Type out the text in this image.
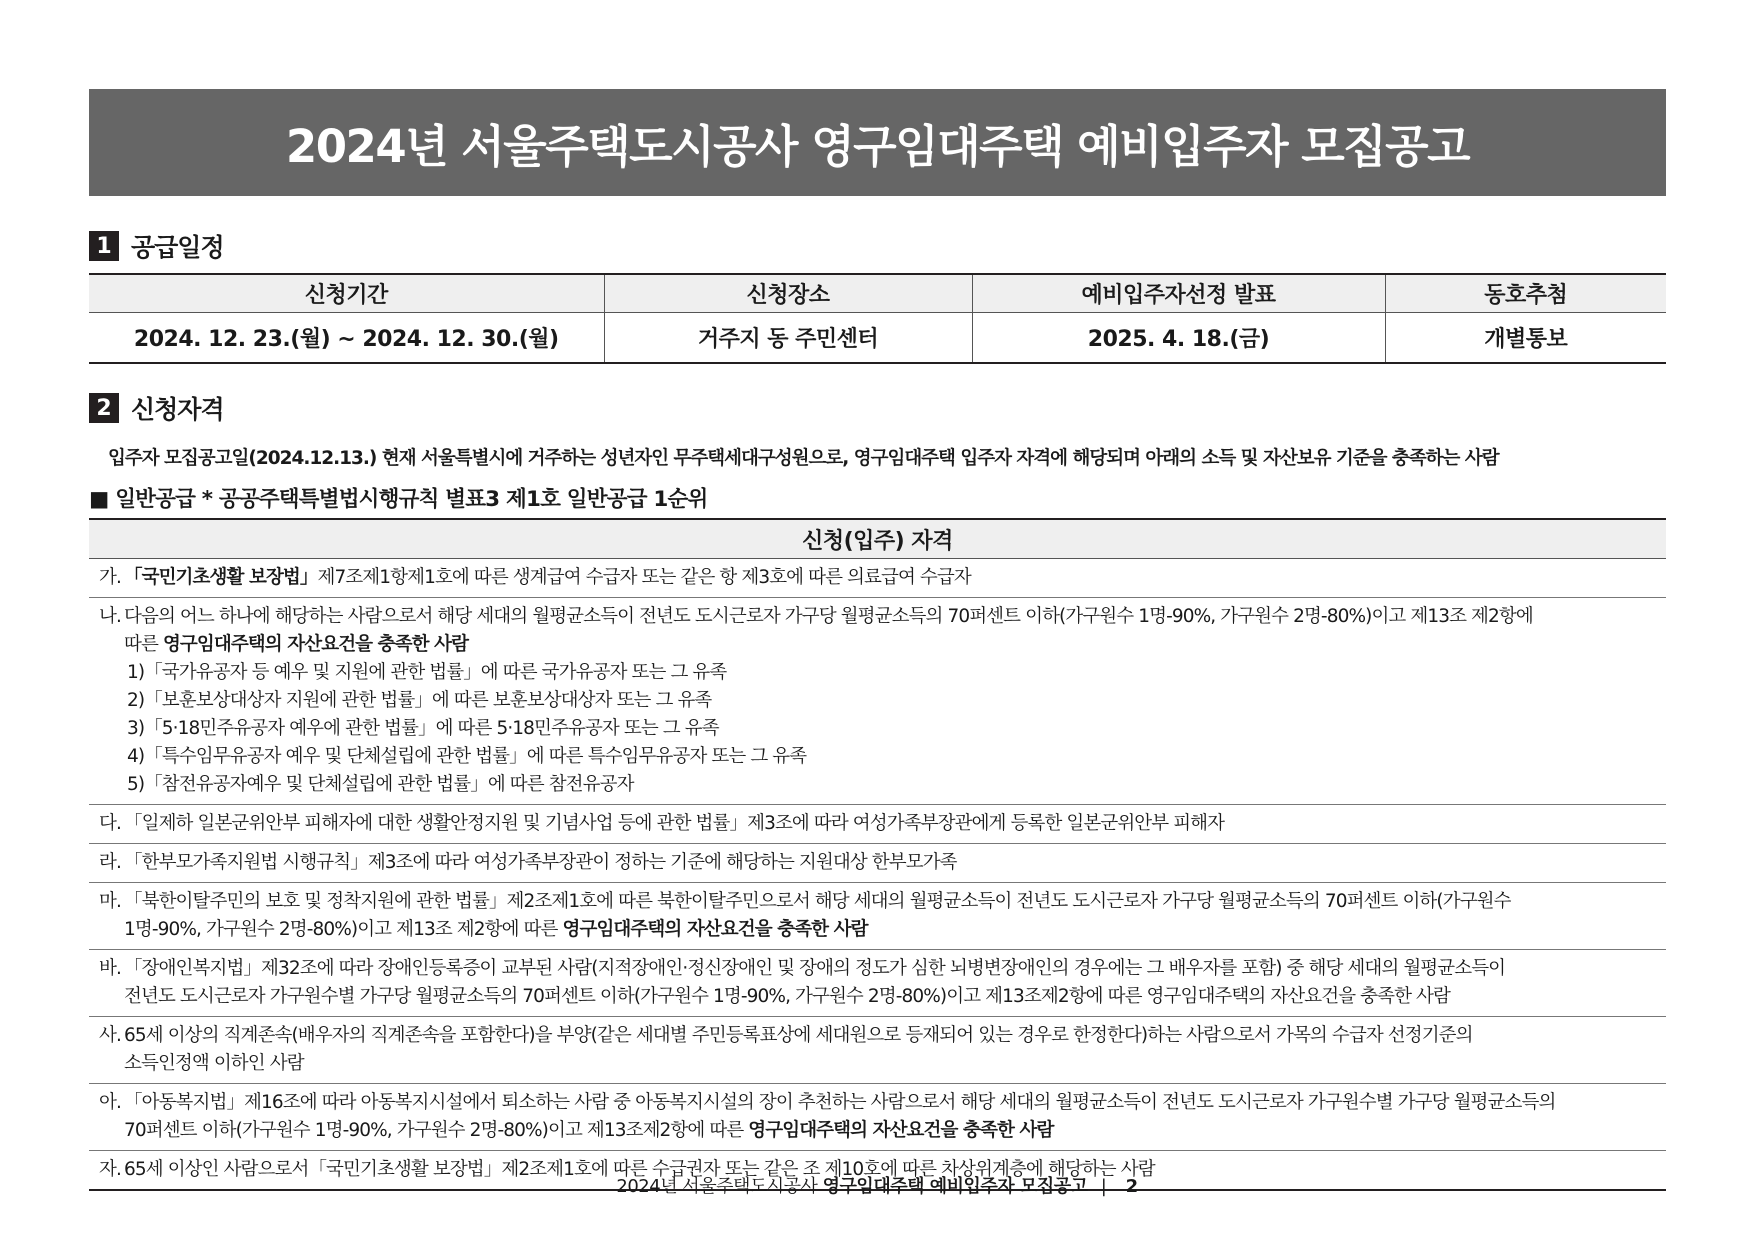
2024년 서울주택도시공사 영구임대주택 예비입주자 모집공고
1 공급일정
신청기간	신청장소	예비입주자선정 발표	동호추첨
2024. 12. 23.(월) ~ 2024. 12. 30.(월)	거주지 동 주민센터	2025. 4. 18.(금)	개별통보
2 신청자격
입주자 모집공고일(2024.12.13.) 현재 서울특별시에 거주하는 성년자인 무주택세대구성원으로, 영구임대주택 입주자 자격에 해당되며 아래의 소득 및 자산보유 기준을 충족하는 사람
■ 일반공급 * 공공주택특별법시행규칙 별표3 제1호 일반공급 1순위
신청(입주) 자격

가. 「국민기초생활 보장법」제7조제1항제1호에 따른 생계급여 수급자 또는 같은 항 제3호에 따른 의료급여 수급자

나. 다음의 어느 하나에 해당하는 사람으로서 해당 세대의 월평균소득이 전년도 도시근로자 가구당 월평균소득의 70퍼센트 이하(가구원수 1명-90%, 가구원수 2명-80%)이고 제13조 제2항에
따른 영구임대주택의 자산요건을 충족한 사람
1)「국가유공자 등 예우 및 지원에 관한 법률」에 따른 국가유공자 또는 그 유족
2)「보훈보상대상자 지원에 관한 법률」에 따른 보훈보상대상자 또는 그 유족
3)「5·18민주유공자 예우에 관한 법률」에 따른 5·18민주유공자 또는 그 유족
4)「특수임무유공자 예우 및 단체설립에 관한 법률」에 따른 특수임무유공자 또는 그 유족
5)「참전유공자예우 및 단체설립에 관한 법률」에 따른 참전유공자

다. 「일제하 일본군위안부 피해자에 대한 생활안정지원 및 기념사업 등에 관한 법률」제3조에 따라 여성가족부장관에게 등록한 일본군위안부 피해자

라. 「한부모가족지원법 시행규칙」제3조에 따라 여성가족부장관이 정하는 기준에 해당하는 지원대상 한부모가족

마. 「북한이탈주민의 보호 및 정착지원에 관한 법률」제2조제1호에 따른 북한이탈주민으로서 해당 세대의 월평균소득이 전년도 도시근로자 가구당 월평균소득의 70퍼센트 이하(가구원수
1명-90%, 가구원수 2명-80%)이고 제13조 제2항에 따른 영구임대주택의 자산요건을 충족한 사람

바. 「장애인복지법」제32조에 따라 장애인등록증이 교부된 사람(지적장애인·정신장애인 및 장애의 정도가 심한 뇌병변장애인의 경우에는 그 배우자를 포함) 중 해당 세대의 월평균소득이
전년도 도시근로자 가구원수별 가구당 월평균소득의 70퍼센트 이하(가구원수 1명-90%, 가구원수 2명-80%)이고 제13조제2항에 따른 영구임대주택의 자산요건을 충족한 사람

사. 65세 이상의 직계존속(배우자의 직계존속을 포함한다)을 부양(같은 세대별 주민등록표상에 세대원으로 등재되어 있는 경우로 한정한다)하는 사람으로서 가목의 수급자 선정기준의
소득인정액 이하인 사람

아. 「아동복지법」제16조에 따라 아동복지시설에서 퇴소하는 사람 중 아동복지시설의 장이 추천하는 사람으로서 해당 세대의 월평균소득이 전년도 도시근로자 가구원수별 가구당 월평균소득의
70퍼센트 이하(가구원수 1명-90%, 가구원수 2명-80%)이고 제13조제2항에 따른 영구임대주택의 자산요건을 충족한 사람

자. 65세 이상인 사람으로서「국민기초생활 보장법」제2조제1호에 따른 수급권자 또는 같은 조 제10호에 따른 차상위계층에 해당하는 사람
2024년 서울주택도시공사 영구임대주택 예비입주자 모집공고 | 2
